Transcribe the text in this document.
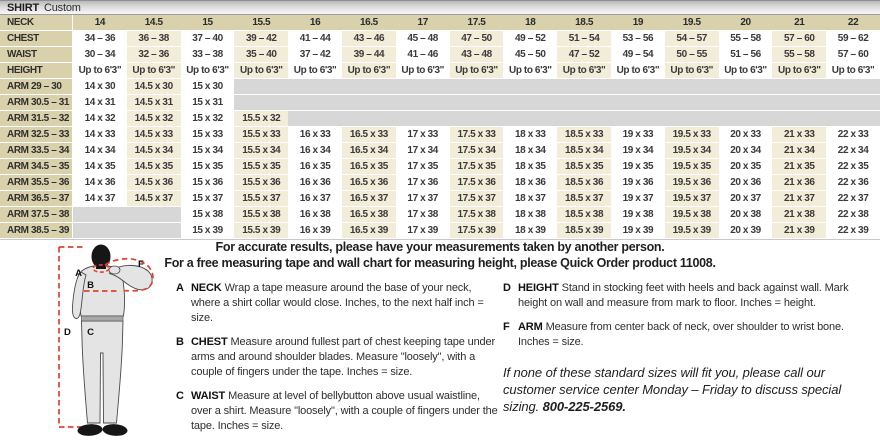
SHIRT Custom
NECK	14	14.5	15	15.5	16	16.5	17	17.5	18	18.5	19	19.5	20	21	22
CHEST	34 – 36	36 – 38	37 – 40	39 – 42	41 – 44	43 – 46	45 – 48	47 – 50	49 – 52	51 – 54	53 – 56	54 – 57	55 – 58	57 – 60	59 – 62
WAIST	30 – 34	32 – 36	33 – 38	35 – 40	37 – 42	39 – 44	41 – 46	43 – 48	45 – 50	47 – 52	49 – 54	50 – 55	51 – 56	55 – 58	57 – 60
HEIGHT	Up to 6'3"	Up to 6'3"	Up to 6'3"	Up to 6'3"	Up to 6'3"	Up to 6'3"	Up to 6'3"	Up to 6'3"	Up to 6'3"	Up to 6'3"	Up to 6'3"	Up to 6'3"	Up to 6'3"	Up to 6'3"	Up to 6'3"
ARM 29 – 30	14 x 30	14.5 x 30	15 x 30
ARM 30.5 – 31	14 x 31	14.5 x 31	15 x 31
ARM 31.5 – 32	14 x 32	14.5 x 32	15 x 32	15.5 x 32
ARM 32.5 – 33	14 x 33	14.5 x 33	15 x 33	15.5 x 33	16 x 33	16.5 x 33	17 x 33	17.5 x 33	18 x 33	18.5 x 33	19 x 33	19.5 x 33	20 x 33	21 x 33	22 x 33
ARM 33.5 – 34	14 x 34	14.5 x 34	15 x 34	15.5 x 34	16 x 34	16.5 x 34	17 x 34	17.5 x 34	18 x 34	18.5 x 34	19 x 34	19.5 x 34	20 x 34	21 x 34	22 x 34
ARM 34.5 – 35	14 x 35	14.5 x 35	15 x 35	15.5 x 35	16 x 35	16.5 x 35	17 x 35	17.5 x 35	18 x 35	18.5 x 35	19 x 35	19.5 x 35	20 x 35	21 x 35	22 x 35
ARM 35.5 – 36	14 x 36	14.5 x 36	15 x 36	15.5 x 36	16 x 36	16.5 x 36	17 x 36	17.5 x 36	18 x 36	18.5 x 36	19 x 36	19.5 x 36	20 x 36	21 x 36	22 x 36
ARM 36.5 – 37	14 x 37	14.5 x 37	15 x 37	15.5 x 37	16 x 37	16.5 x 37	17 x 37	17.5 x 37	18 x 37	18.5 x 37	19 x 37	19.5 x 37	20 x 37	21 x 37	22 x 37
ARM 37.5 – 38	15 x 38	15.5 x 38	16 x 38	16.5 x 38	17 x 38	17.5 x 38	18 x 38	18.5 x 38	19 x 38	19.5 x 38	20 x 38	21 x 38	22 x 38
ARM 38.5 – 39	15 x 39	15.5 x 39	16 x 39	16.5 x 39	17 x 39	17.5 x 39	18 x 39	18.5 x 39	19 x 39	19.5 x 39	20 x 39	21 x 39	22 x 39
A
B
C
D
F
For accurate results, please have your measurements taken by another person.
For a free measuring tape and wall chart for measuring height, please Quick Order product 11008.
A NECK Wrap a tape measure around the base of your neck, where a shirt collar would close. Inches, to the next half inch = size.
B CHEST Measure around fullest part of chest keeping tape under arms and around shoulder blades. Measure "loosely", with a couple of fingers under the tape. Inches = size.
C WAIST Measure at level of bellybutton above usual waistline, over a shirt. Measure "loosely", with a couple of fingers under the tape. Inches = size.
D HEIGHT Stand in stocking feet with heels and back against wall. Mark height on wall and measure from mark to floor. Inches = height.
F ARM Measure from center back of neck, over shoulder to wrist bone. Inches = size.
If none of these standard sizes will fit you, please call our customer service center Monday – Friday to discuss special sizing. 800-225-2569.
